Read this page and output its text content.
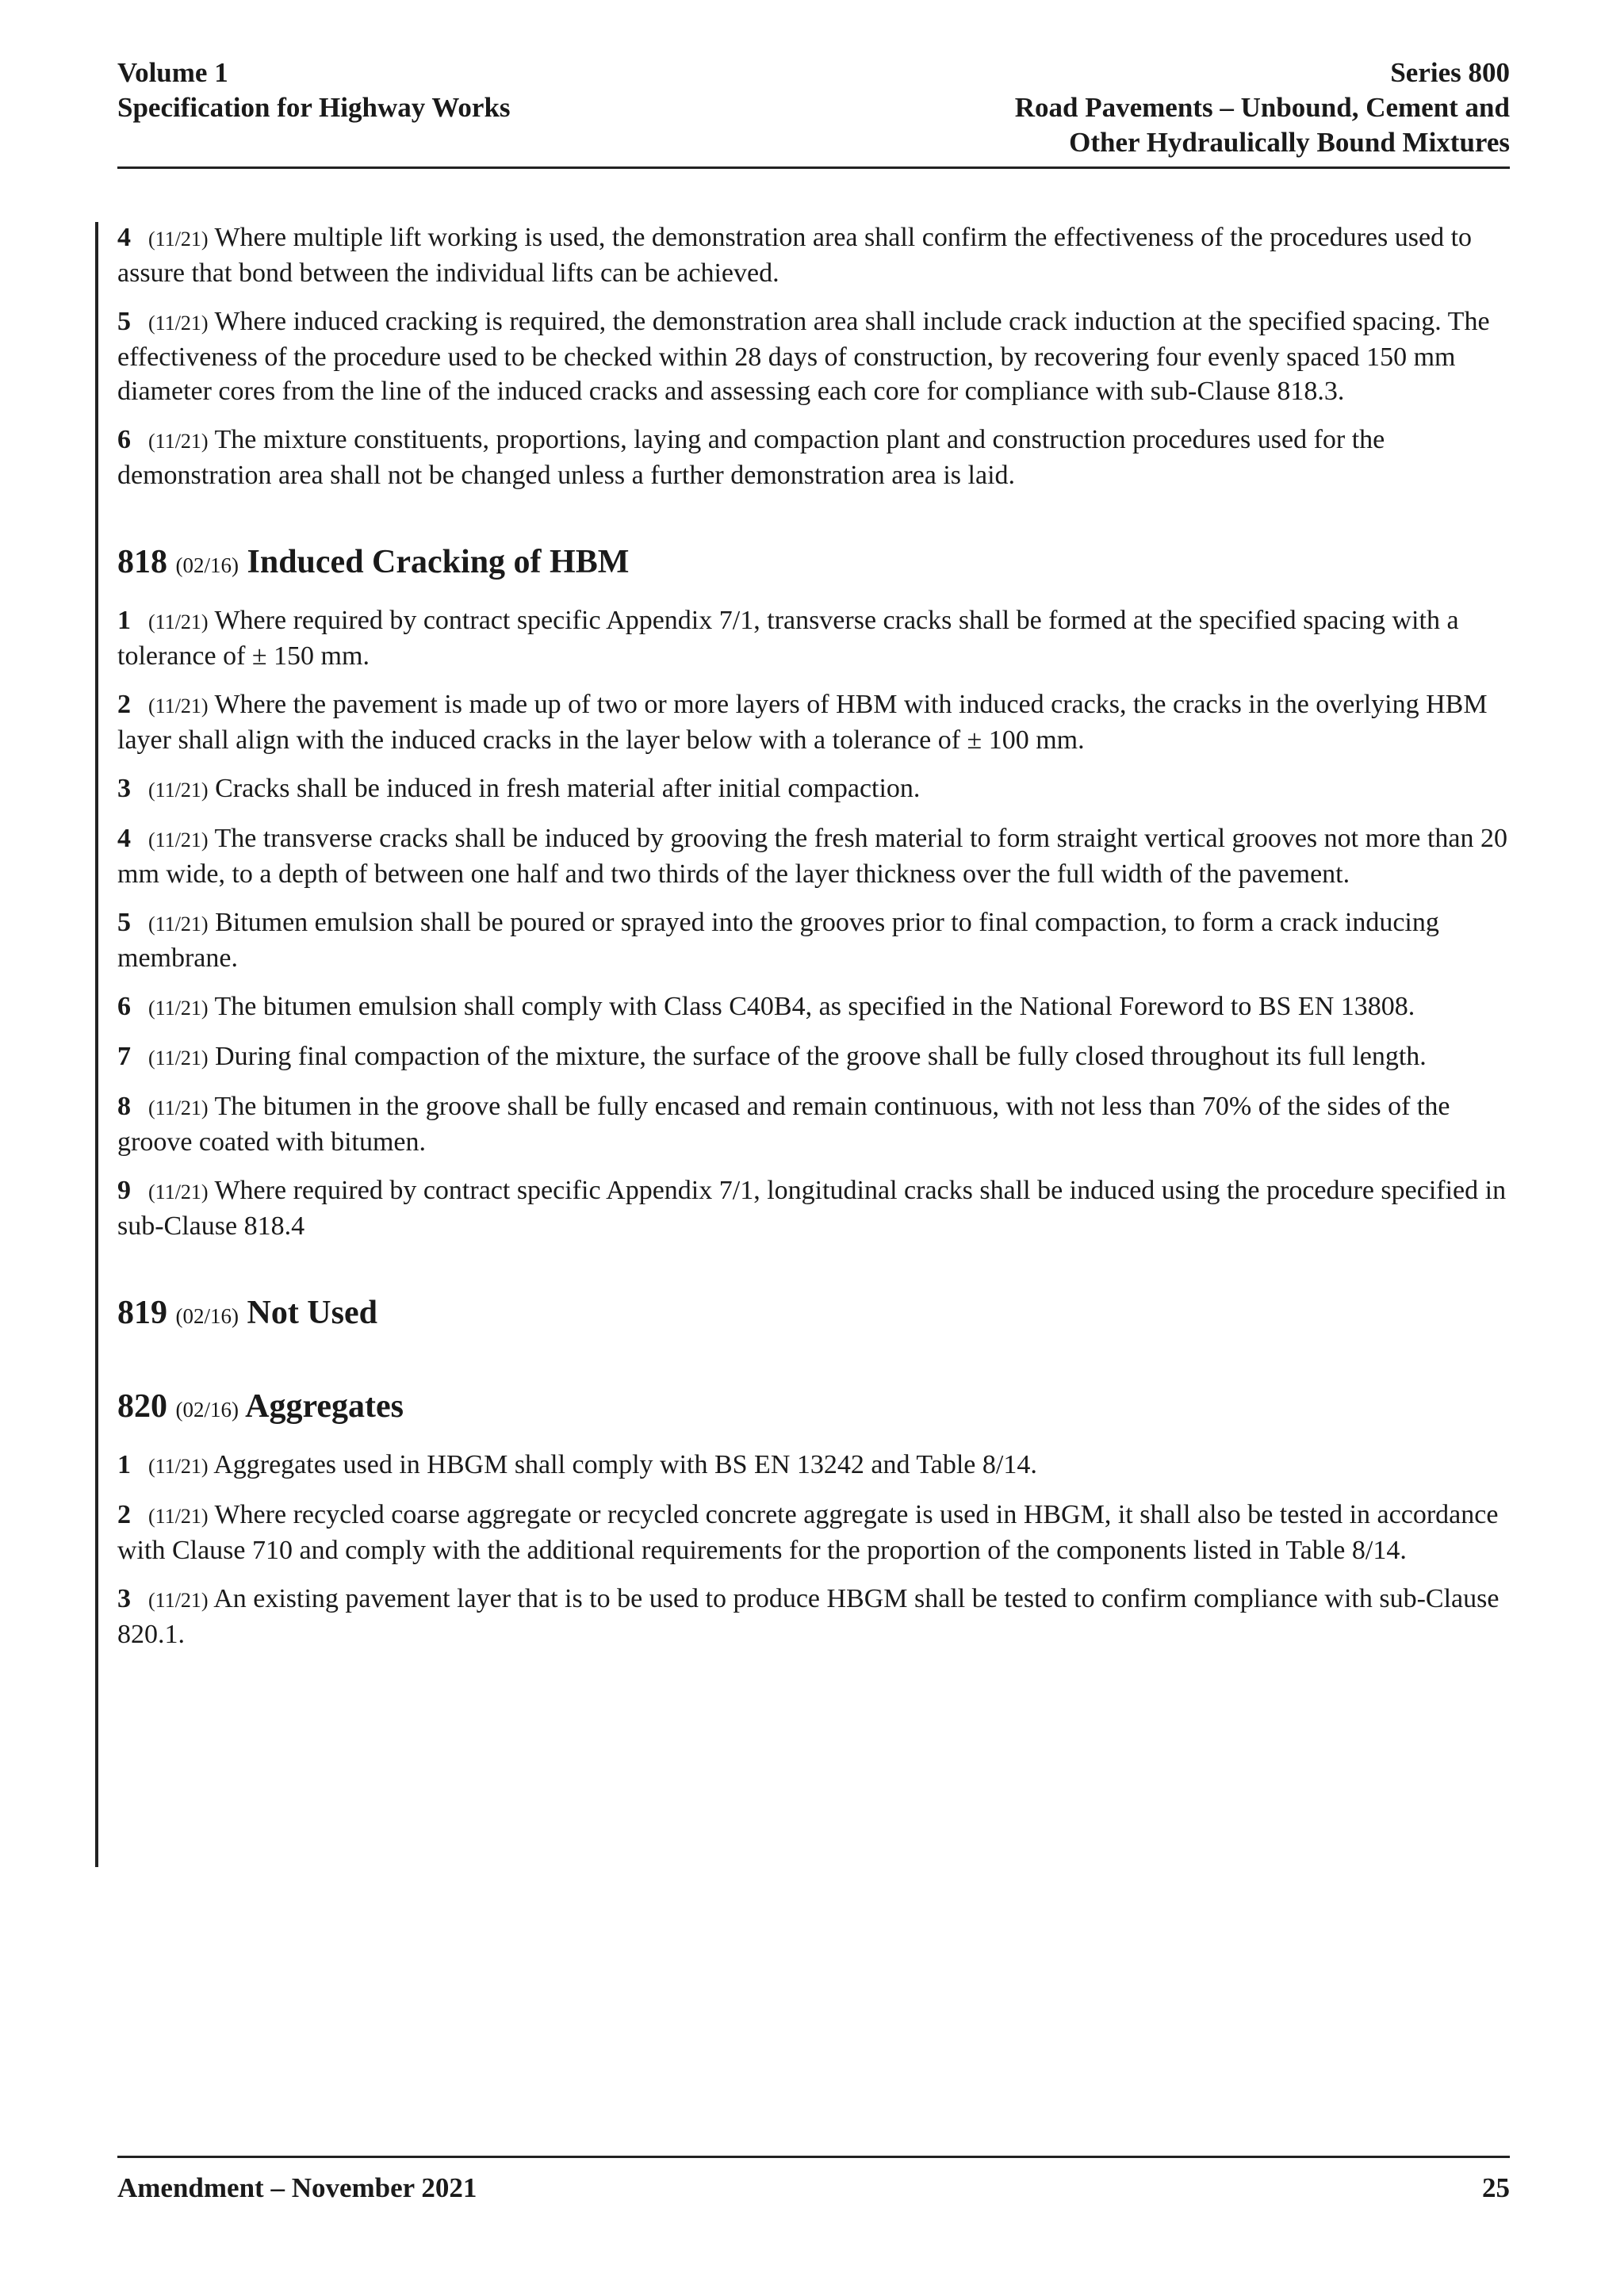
Volume 1
Specification for Highway Works
Series 800
Road Pavements – Unbound, Cement and
Other Hydraulically Bound Mixtures

4 (11/21) Where multiple lift working is used, the demonstration area shall confirm the effectiveness of the procedures used to assure that bond between the individual lifts can be achieved.

5 (11/21) Where induced cracking is required, the demonstration area shall include crack induction at the specified spacing. The effectiveness of the procedure used to be checked within 28 days of construction, by recovering four evenly spaced 150 mm diameter cores from the line of the induced cracks and assessing each core for compliance with sub-Clause 818.3.

6 (11/21) The mixture constituents, proportions, laying and compaction plant and construction procedures used for the demonstration area shall not be changed unless a further demonstration area is laid.

818 (02/16) Induced Cracking of HBM

1 (11/21) Where required by contract specific Appendix 7/1, transverse cracks shall be formed at the specified spacing with a tolerance of ± 150 mm.

2 (11/21) Where the pavement is made up of two or more layers of HBM with induced cracks, the cracks in the overlying HBM layer shall align with the induced cracks in the layer below with a tolerance of ± 100 mm.

3 (11/21) Cracks shall be induced in fresh material after initial compaction.

4 (11/21) The transverse cracks shall be induced by grooving the fresh material to form straight vertical grooves not more than 20 mm wide, to a depth of between one half and two thirds of the layer thickness over the full width of the pavement.

5 (11/21) Bitumen emulsion shall be poured or sprayed into the grooves prior to final compaction, to form a crack inducing membrane.

6 (11/21) The bitumen emulsion shall comply with Class C40B4, as specified in the National Foreword to BS EN 13808.

7 (11/21) During final compaction of the mixture, the surface of the groove shall be fully closed throughout its full length.

8 (11/21) The bitumen in the groove shall be fully encased and remain continuous, with not less than 70% of the sides of the groove coated with bitumen.

9 (11/21) Where required by contract specific Appendix 7/1, longitudinal cracks shall be induced using the procedure specified in sub-Clause 818.4

819 (02/16) Not Used
820 (02/16) Aggregates

1 (11/21) Aggregates used in HBGM shall comply with BS EN 13242 and Table 8/14.

2 (11/21) Where recycled coarse aggregate or recycled concrete aggregate is used in HBGM, it shall also be tested in accordance with Clause 710 and comply with the additional requirements for the proportion of the components listed in Table 8/14.

3 (11/21) An existing pavement layer that is to be used to produce HBGM shall be tested to confirm compliance with sub-Clause 820.1.

Amendment – November 2021	25
